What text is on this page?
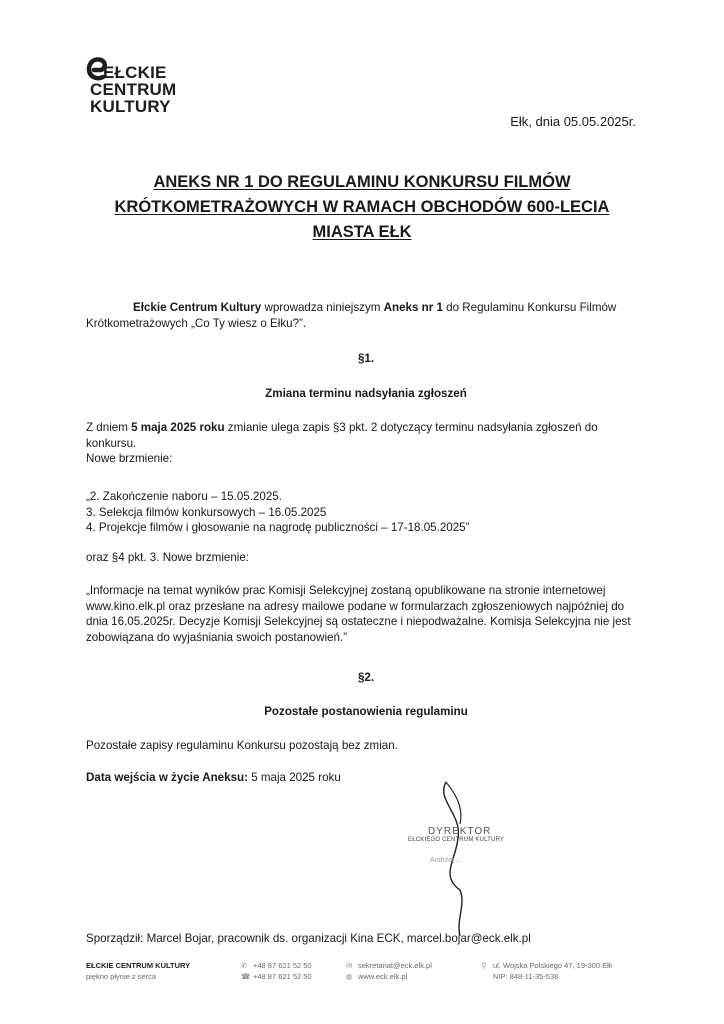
EŁCKIE
CENTRUM
KULTURY
Ełk, dnia 05.05.2025r.
ANEKS NR 1 DO REGULAMINU KONKURSU FILMÓW
KRÓTKOMETRAŻOWYCH W RAMACH OBCHODÓW 600-LECIA
MIASTA EŁK
Ełckie Centrum Kultury wprowadza niniejszym Aneks nr 1 do Regulaminu Konkursu Filmów Krótkometrażowych „Co Ty wiesz o Ełku?”.
§1.
Zmiana terminu nadsyłania zgłoszeń
Z dniem 5 maja 2025 roku zmianie ulega zapis §3 pkt. 2 dotyczący terminu nadsyłania zgłoszeń do konkursu.
Nowe brzmienie:
„2. Zakończenie naboru – 15.05.2025.
3. Selekcja filmów konkursowych – 16.05.2025
4. Projekcje filmów i głosowanie na nagrodę publiczności – 17-18.05.2025”
oraz §4 pkt. 3. Nowe brzmienie:
„Informacje na temat wyników prac Komisji Selekcyjnej zostaną opublikowane na stronie internetowej www.kino.elk.pl oraz przesłane na adresy mailowe podane w formularzach zgłoszeniowych najpóźniej do dnia 16.05.2025r. Decyzje Komisji Selekcyjnej są ostateczne i niepodważalne. Komisja Selekcyjna nie jest zobowiązana do wyjaśniania swoich postanowień.”
§2.
Pozostałe postanowienia regulaminu
Pozostałe zapisy regulaminu Konkursu pozostają bez zmian.
Data wejścia w życie Aneksu: 5 maja 2025 roku
DYREKTOR
EŁCKIEGO CENTRUM KULTURY
Andrzej ...
Sporządził: Marcel Bojar, pracownik ds. organizacji Kina ECK, marcel.bojar@eck.elk.pl
EŁCKIE CENTRUM KULTURY
piękno płynie z serca
✆ +48 87 621 52 50
☎ +48 87 621 52 50
✉ sekretariat@eck.elk.pl
◍ www.eck.elk.pl
⚲ ul. Wojska Polskiego 47, 19-300 Ełk
NIP: 848-11-35-538
